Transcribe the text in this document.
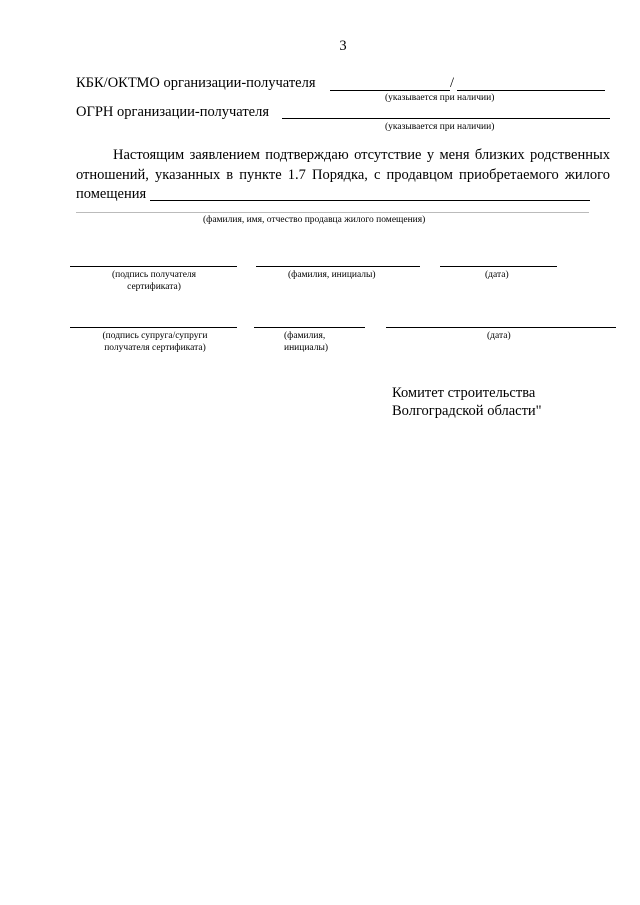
3
КБК/ОКТМО организации-получателя	/
(указывается при наличии)
ОГРН организации-получателя
(указывается при наличии)
Настоящим заявлением подтверждаю отсутствие у меня близких родственных
отношений, указанных в пункте 1.7 Порядка, с продавцом приобретаемого жилого
помещения
(фамилия, имя, отчество продавца жилого помещения)
(подпись получателя сертификата)
(фамилия, инициалы)	(дата)
(подпись супруга/супруги получателя сертификата)
(фамилия, инициалы)
(дата)
Комитет строительства
Волгоградской области"
